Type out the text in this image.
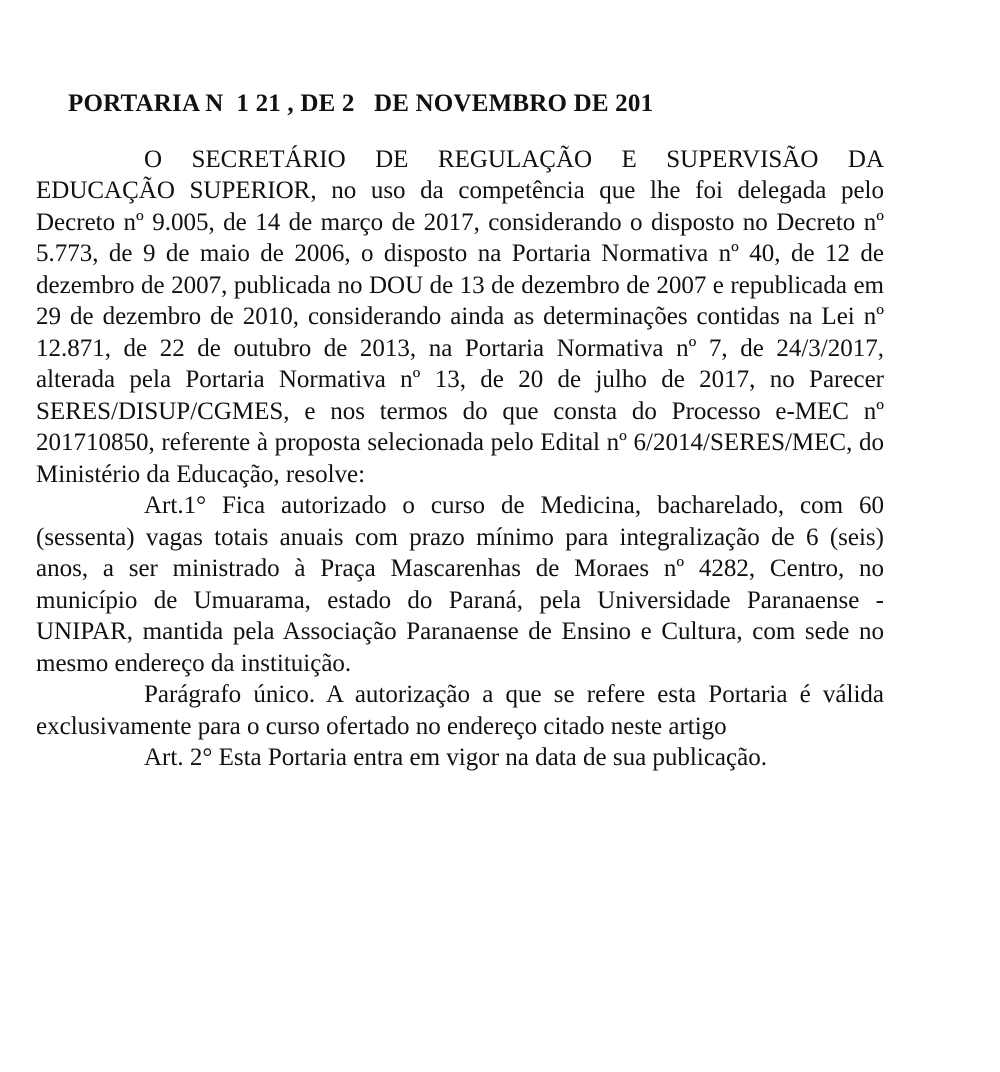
PORTARIA N  1 21 , DE 2   DE NOVEMBRO DE 201

O SECRETÁRIO DE REGULAÇÃO E SUPERVISÃO DA EDUCAÇÃO SUPERIOR, no uso da competência que lhe foi delegada pelo Decreto nº 9.005, de 14 de março de 2017, considerando o disposto no Decreto nº 5.773, de 9 de maio de 2006, o disposto na Portaria Normativa nº 40, de 12 de dezembro de 2007, publicada no DOU de 13 de dezembro de 2007 e republicada em 29 de dezembro de 2010, considerando ainda as determinações contidas na Lei nº 12.871, de 22 de outubro de 2013, na Portaria Normativa nº 7, de 24/3/2017, alterada pela Portaria Normativa nº 13, de 20 de julho de 2017, no Parecer SERES/DISUP/CGMES, e nos termos do que consta do Processo e-MEC nº 201710850, referente à proposta selecionada pelo Edital nº 6/2014/SERES/MEC, do Ministério da Educação, resolve:

Art.1° Fica autorizado o curso de Medicina, bacharelado, com 60 (sessenta) vagas totais anuais com prazo mínimo para integralização de 6 (seis) anos, a ser ministrado à Praça Mascarenhas de Moraes nº 4282, Centro, no município de Umuarama, estado do Paraná, pela Universidade Paranaense - UNIPAR, mantida pela Associação Paranaense de Ensino e Cultura, com sede no mesmo endereço da instituição.

Parágrafo único. A autorização a que se refere esta Portaria é válida exclusivamente para o curso ofertado no endereço citado neste artigo

Art. 2° Esta Portaria entra em vigor na data de sua publicação.
